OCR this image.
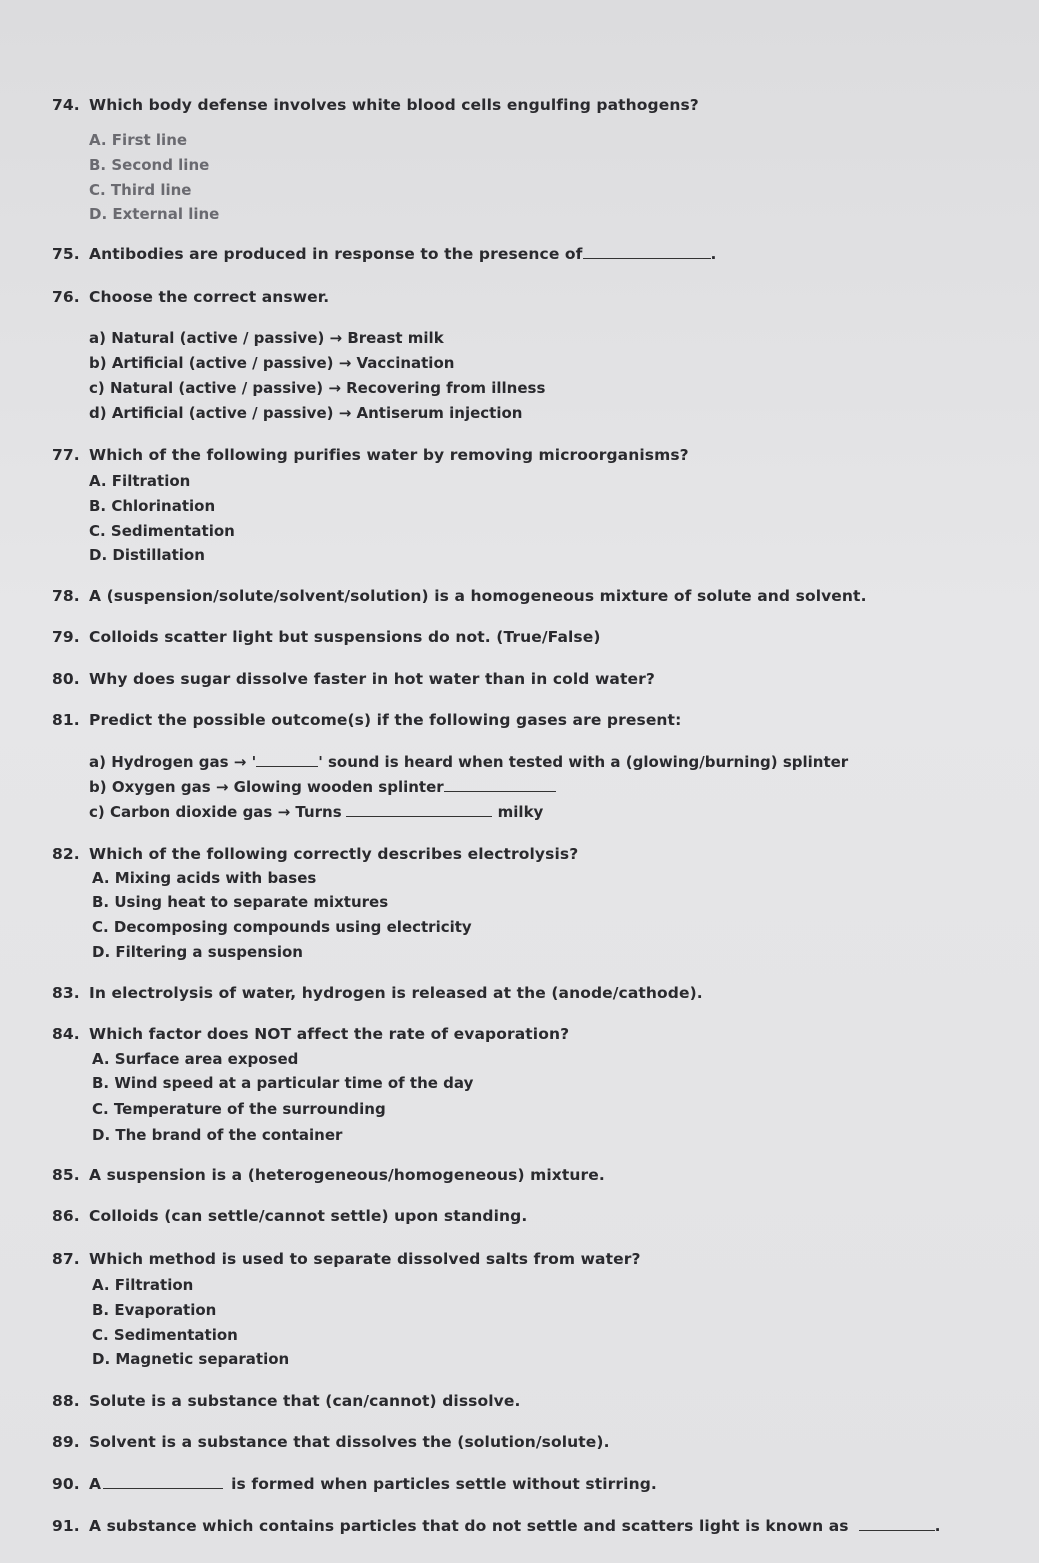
74. Which body defense involves white blood cells engulfing pathogens?
A. First line
B. Second line
C. Third line
D. External line
75. Antibodies are produced in response to the presence of	.
76. Choose the correct answer.
a) Natural (active / passive) → Breast milk
b) Artificial (active / passive) → Vaccination
c) Natural (active / passive) → Recovering from illness
d) Artificial (active / passive) → Antiserum injection
77. Which of the following purifies water by removing microorganisms?
A. Filtration
B. Chlorination
C. Sedimentation
D. Distillation
78. A (suspension/solute/solvent/solution) is a homogeneous mixture of solute and solvent.
79. Colloids scatter light but suspensions do not. (True/False)
80. Why does sugar dissolve faster in hot water than in cold water?
81. Predict the possible outcome(s) if the following gases are present:
a) Hydrogen gas → '	' sound is heard when tested with a (glowing/burning) splinter
b) Oxygen gas → Glowing wooden splinter
c) Carbon dioxide gas → Turns	milky
82. Which of the following correctly describes electrolysis?
A. Mixing acids with bases
B. Using heat to separate mixtures
C. Decomposing compounds using electricity
D. Filtering a suspension
83. In electrolysis of water, hydrogen is released at the (anode/cathode).
84. Which factor does NOT affect the rate of evaporation?
A. Surface area exposed
B. Wind speed at a particular time of the day
C. Temperature of the surrounding
D. The brand of the container
85. A suspension is a (heterogeneous/homogeneous) mixture.
86. Colloids (can settle/cannot settle) upon standing.
87. Which method is used to separate dissolved salts from water?
A. Filtration
B. Evaporation
C. Sedimentation
D. Magnetic separation
88. Solute is a substance that (can/cannot) dissolve.
89. Solvent is a substance that dissolves the (solution/solute).
90. A	is formed when particles settle without stirring.
91. A substance which contains particles that do not settle and scatters light is known as	.
